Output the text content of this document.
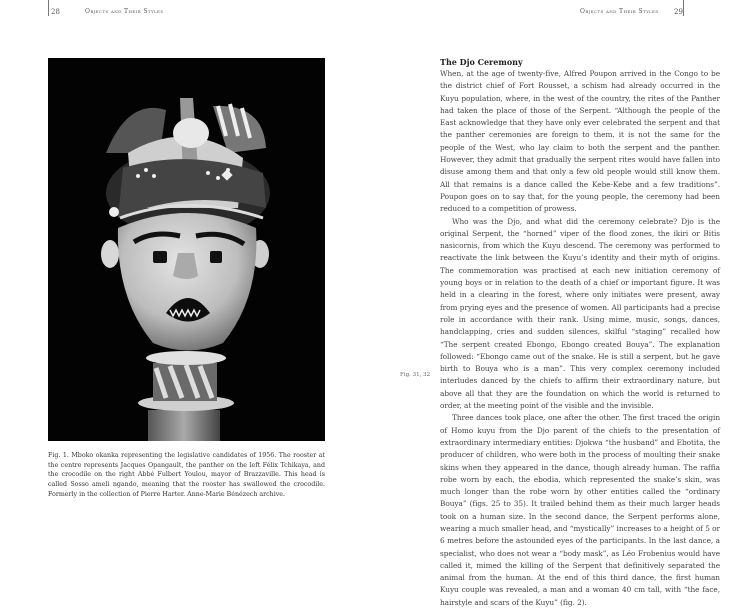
28	Objects and Their Styles	Objects and Their Styles 29

Fig. 1. Mboko okanka representing the legislative candidates of 1956. The rooster at the centre represents Jacques Opangault, the panther on the left Félix Tchikaya, and the crocodile on the right Abbé Fulbert Youlou, mayor of Brazzaville. This head is called Sosso ameli ngando, meaning that the rooster has swallowed the crocodile. Formerly in the collection of Pierre Harter. Anne-Marie Bénézech archive.

The Djo Ceremony

When, at the age of twenty-five, Alfred Poupon arrived in the Congo to be the district chief of Fort Rousset, a schism had already occurred in the Kuyu population, where, in the west of the country, the rites of the Panther had taken the place of those of the Serpent. “Although the people of the East acknowledge that they have only ever celebrated the serpent and that the panther ceremonies are foreign to them, it is not the same for the people of the West, who lay claim to both the serpent and the panther. However, they admit that gradually the serpent rites would have fallen into disuse among them and that only a few old people would still know them. All that remains is a dance called the Kebe-Kebe and a few traditions”. Poupon goes on to say that, for the young people, the ceremony had been reduced to a competition of prowess.

Who was the Djo, and what did the ceremony celebrate? Djo is the original Serpent, the “horned” viper of the flood zones, the ikiri or Bitis nasicornis, from which the Kuyu descend. The ceremony was performed to reactivate the link between the Kuyu’s identity and their myth of origins. The commemoration was practised at each new initiation ceremony of young boys or in relation to the death of a chief or important figure. It was held in a clearing in the forest, where only initiates were present, away from prying eyes and the presence of women. All participants had a precise role in accordance with their rank. Using mime, music, songs, dances, handclapping, cries and sudden silences, skilful “staging” recalled how “The serpent created Ebongo, Ebongo created Bouya”. The explanation followed: “Ebongo came out of the snake. He is still a serpent, but he gave birth to Bouya who is a man”. This very complex ceremony included interludes danced by the chiefs to affirm their extraordinary nature, but above all that they are the foundation on which the world is returned to order, at the meeting point of the visible and the invisible.

Three dances took place, one after the other. The first traced the origin of Homo kuyu from the Djo parent of the chiefs to the presentation of extraordinary intermediary entities: Djokwa “the husband” and Ebotita, the producer of children, who were both in the process of moulting their snake skins when they appeared in the dance, though already human. The raffia robe worn by each, the ebodia, which represented the snake’s skin, was much longer than the robe worn by other entities called the “ordinary Bouya” (figs. 25 to 35). It trailed behind them as their much larger heads took on a human size. In the second dance, the Serpent performs alone, wearing a much smaller head, and “mystically” increases to a height of 5 or 6 metres before the astounded eyes of the participants. In the last dance, a specialist, who does not wear a “body mask”, as Léo Frobenius would have called it, mimed the killing of the Serpent that definitively separated the animal from the human. At the end of this third dance, the first human Kuyu couple was revealed, a man and a woman 40 cm tall, with “the face, hairstyle and scars of the Kuyu” (fig. 2).

Fig. 31, 32
